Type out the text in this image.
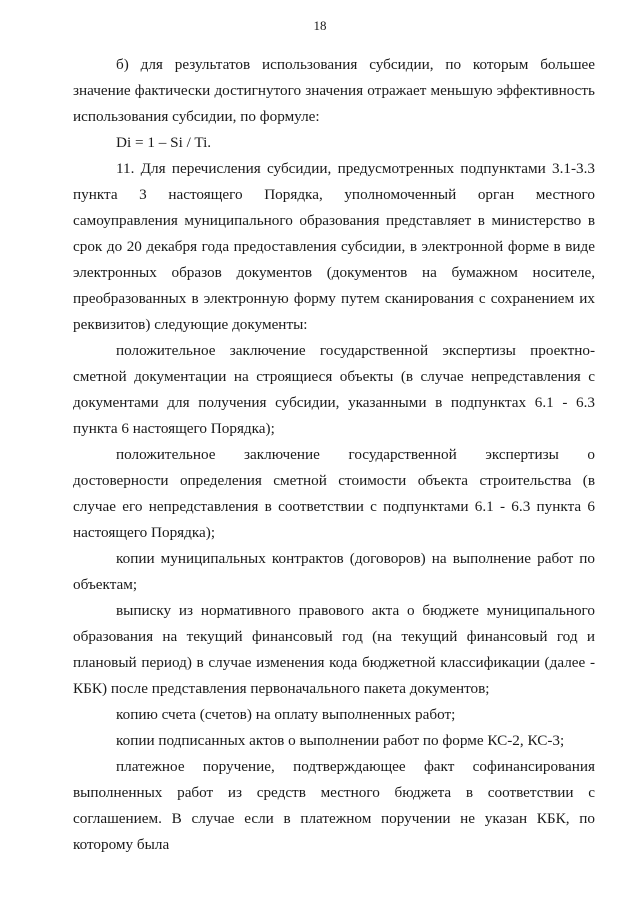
18

б) для результатов использования субсидии, по которым большее значение фактически достигнутого значения отражает меньшую эффективность использования субсидии, по формуле:

Di = 1 – Si / Ti.

11. Для перечисления субсидии, предусмотренных подпунктами 3.1-3.3 пункта 3 настоящего Порядка, уполномоченный орган местного самоуправления муниципального образования представляет в министерство в срок до 20 декабря года предоставления субсидии, в электронной форме в виде электронных образов документов (документов на бумажном носителе, преобразованных в электронную форму путем сканирования с сохранением их реквизитов) следующие документы:

положительное заключение государственной экспертизы проектно-сметной документации на строящиеся объекты (в случае непредставления с документами для получения субсидии, указанными в подпунктах 6.1 - 6.3 пункта 6 настоящего Порядка);

положительное заключение государственной экспертизы о достоверности определения сметной стоимости объекта строительства (в случае его непредставления в соответствии с подпунктами 6.1 - 6.3 пункта 6 настоящего Порядка);

копии муниципальных контрактов (договоров) на выполнение работ по объектам;

выписку из нормативного правового акта о бюджете муниципального образования на текущий финансовый год (на текущий финансовый год и плановый период) в случае изменения кода бюджетной классификации (далее - КБК) после представления первоначального пакета документов;

копию счета (счетов) на оплату выполненных работ;

копии подписанных актов о выполнении работ по форме КС-2, КС-3;

платежное поручение, подтверждающее факт софинансирования выполненных работ из средств местного бюджета в соответствии с соглашением. В случае если в платежном поручении не указан КБК, по которому была
